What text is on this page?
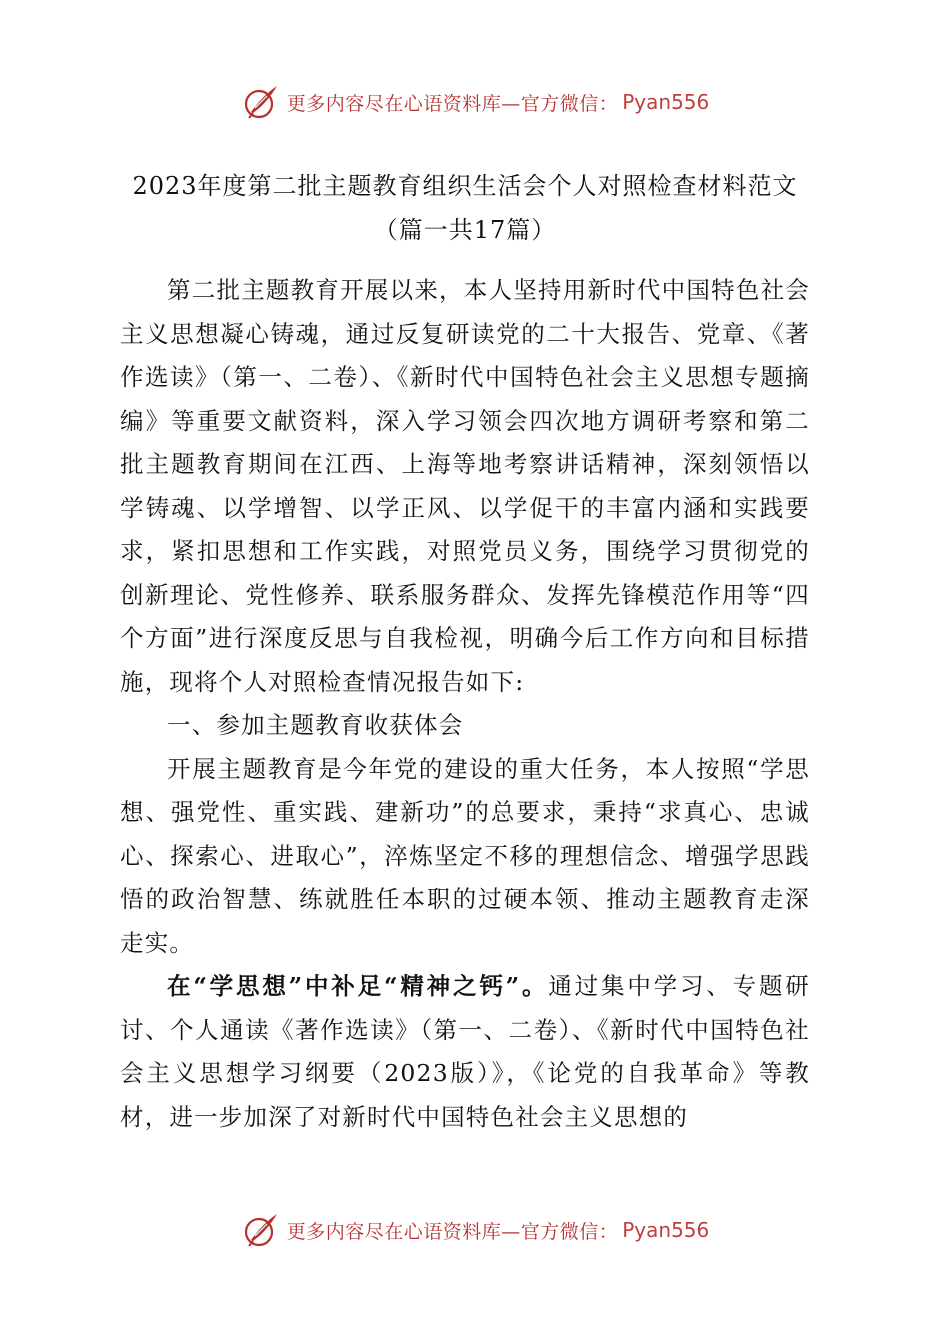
更多内容尽在心语资料库—官方微信： Pyan556
2023年度第二批主题教育组织生活会个人对照检查材料范文
（篇一共17篇）

第二批主题教育开展以来，本人坚持用新时代中国特色社会主义思想凝心铸魂，通过反复研读党的二十大报告、党章、《著作选读》（第一、二卷）、《新时代中国特色社会主义思想专题摘编》等重要文献资料，深入学习领会四次地方调研考察和第二批主题教育期间在江西、上海等地考察讲话精神，深刻领悟以学铸魂、以学增智、以学正风、以学促干的丰富内涵和实践要求，紧扣思想和工作实践，对照党员义务，围绕学习贯彻党的创新理论、党性修养、联系服务群众、发挥先锋模范作用等“四个方面”进行深度反思与自我检视，明确今后工作方向和目标措施，现将个人对照检查情况报告如下:

一、参加主题教育收获体会

开展主题教育是今年党的建设的重大任务，本人按照“学思想、强党性、重实践、建新功”的总要求，秉持“求真心、忠诚心、探索心、进取心”，淬炼坚定不移的理想信念、增强学思践悟的政治智慧、练就胜任本职的过硬本领、推动主题教育走深走实。

在“学思想”中补足“精神之钙”。通过集中学习、专题研讨、个人通读《著作选读》（第一、二卷）、《新时代中国特色社会主义思想学习纲要（2023版）》，《论党的自我革命》等教材，进一步加深了对新时代中国特色社会主义思想的

更多内容尽在心语资料库—官方微信： Pyan556
